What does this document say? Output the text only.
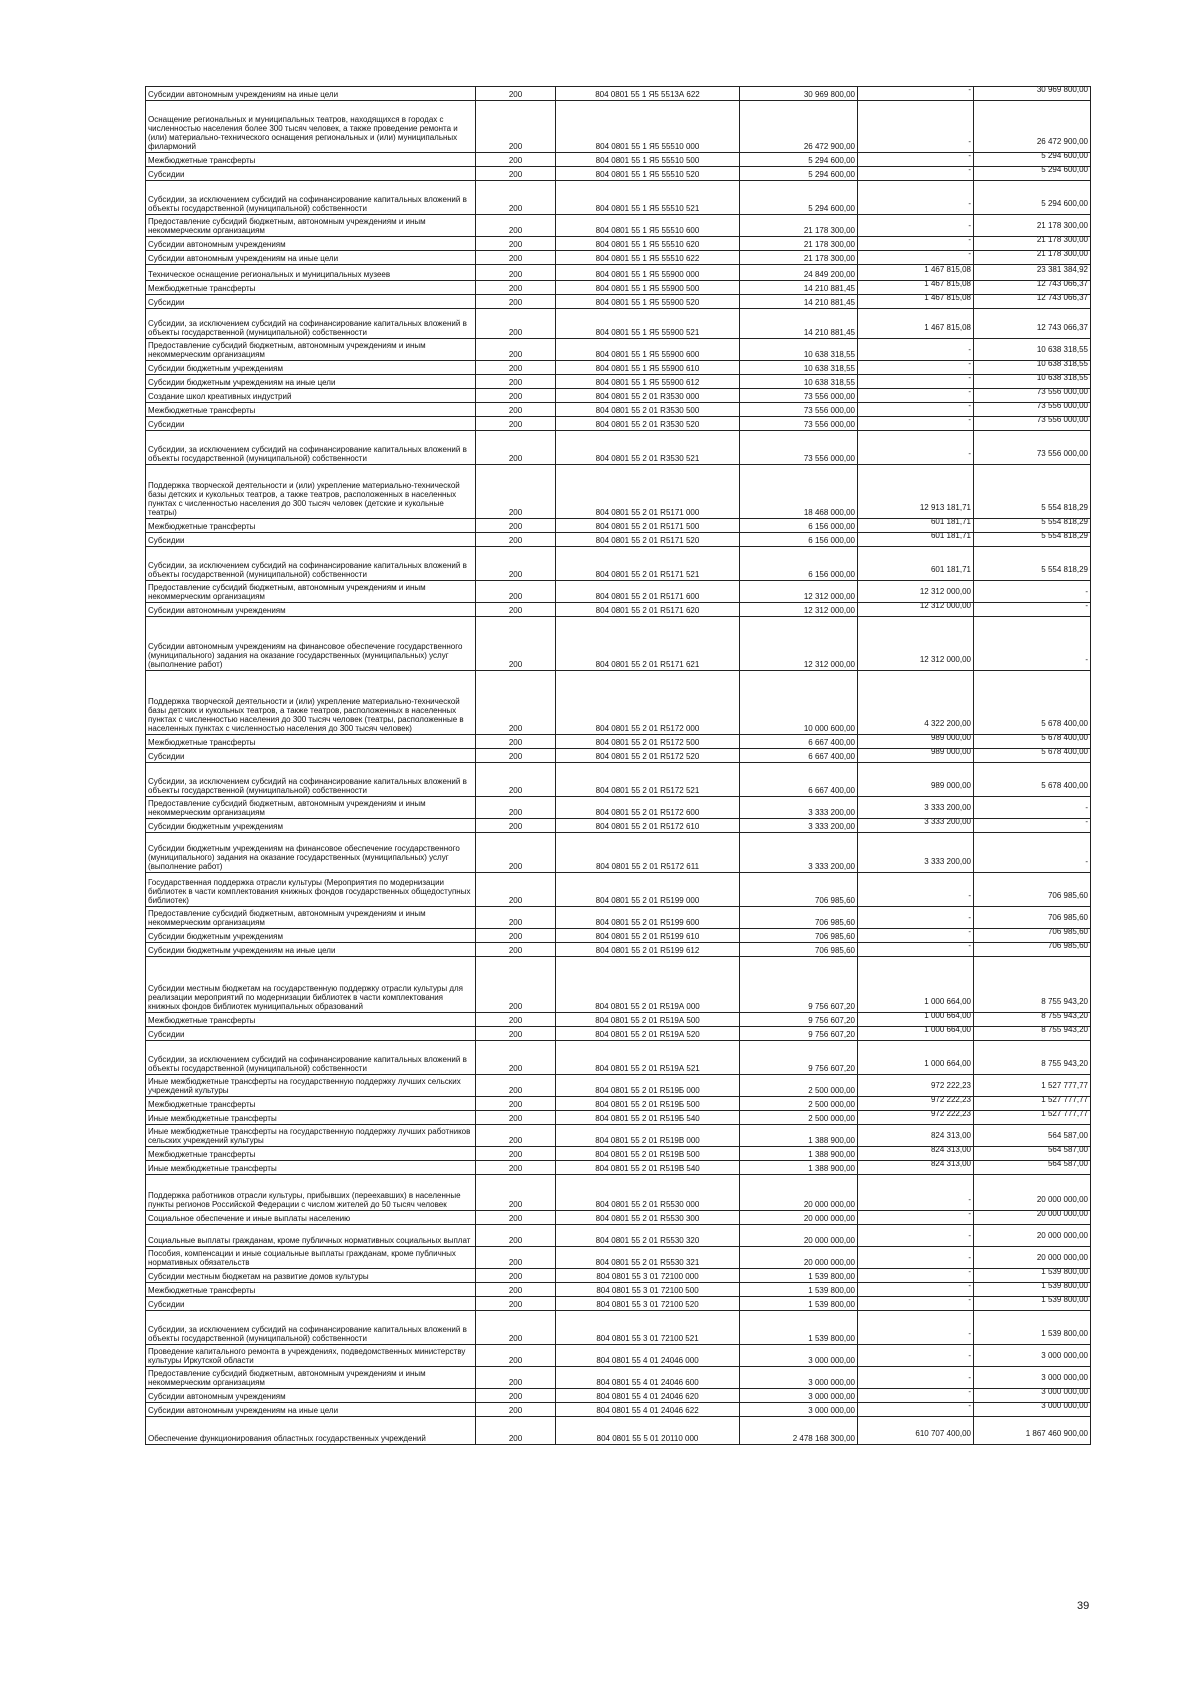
Субсидии автономным учреждениям на иные цели	200	804 0801 55 1 Я5 5513А 622	30 969 800,00	-	30 969 800,00
Оснащение региональных и муниципальных театров, находящихся в городах с численностью населения более 300 тысяч человек, а также проведение ремонта и (или) материально-технического оснащения региональных и (или) муниципальных филармоний	200	804 0801 55 1 Я5 55510 000	26 472 900,00	-	26 472 900,00
Межбюджетные трансферты	200	804 0801 55 1 Я5 55510 500	5 294 600,00	-	5 294 600,00
Субсидии	200	804 0801 55 1 Я5 55510 520	5 294 600,00	-	5 294 600,00
Субсидии, за исключением субсидий на софинансирование капитальных вложений в объекты государственной (муниципальной) собственности	200	804 0801 55 1 Я5 55510 521	5 294 600,00	-	5 294 600,00
Предоставление субсидий бюджетным, автономным учреждениям и иным некоммерческим организациям	200	804 0801 55 1 Я5 55510 600	21 178 300,00	-	21 178 300,00
Субсидии автономным учреждениям	200	804 0801 55 1 Я5 55510 620	21 178 300,00	-	21 178 300,00
Субсидии автономным учреждениям на иные цели	200	804 0801 55 1 Я5 55510 622	21 178 300,00	-	21 178 300,00
Техническое оснащение региональных и муниципальных музеев	200	804 0801 55 1 Я5 55900 000	24 849 200,00	1 467 815,08	23 381 384,92
Межбюджетные трансферты	200	804 0801 55 1 Я5 55900 500	14 210 881,45	1 467 815,08	12 743 066,37
Субсидии	200	804 0801 55 1 Я5 55900 520	14 210 881,45	1 467 815,08	12 743 066,37
Субсидии, за исключением субсидий на софинансирование капитальных вложений в объекты государственной (муниципальной) собственности	200	804 0801 55 1 Я5 55900 521	14 210 881,45	1 467 815,08	12 743 066,37
Предоставление субсидий бюджетным, автономным учреждениям и иным некоммерческим организациям	200	804 0801 55 1 Я5 55900 600	10 638 318,55	-	10 638 318,55
Субсидии бюджетным учреждениям	200	804 0801 55 1 Я5 55900 610	10 638 318,55	-	10 638 318,55
Субсидии бюджетным учреждениям на иные цели	200	804 0801 55 1 Я5 55900 612	10 638 318,55	-	10 638 318,55
Создание школ креативных индустрий	200	804 0801 55 2 01 R3530 000	73 556 000,00	-	73 556 000,00
Межбюджетные трансферты	200	804 0801 55 2 01 R3530 500	73 556 000,00	-	73 556 000,00
Субсидии	200	804 0801 55 2 01 R3530 520	73 556 000,00	-	73 556 000,00
Субсидии, за исключением субсидий на софинансирование капитальных вложений в объекты государственной (муниципальной) собственности	200	804 0801 55 2 01 R3530 521	73 556 000,00	-	73 556 000,00
Поддержка творческой деятельности и (или) укрепление материально-технической базы детских и кукольных театров, а также театров, расположенных в населенных пунктах с численностью населения до 300 тысяч человек (детские и кукольные театры)	200	804 0801 55 2 01 R5171 000	18 468 000,00	12 913 181,71	5 554 818,29
Межбюджетные трансферты	200	804 0801 55 2 01 R5171 500	6 156 000,00	601 181,71	5 554 818,29
Субсидии	200	804 0801 55 2 01 R5171 520	6 156 000,00	601 181,71	5 554 818,29
Субсидии, за исключением субсидий на софинансирование капитальных вложений в объекты государственной (муниципальной) собственности	200	804 0801 55 2 01 R5171 521	6 156 000,00	601 181,71	5 554 818,29
Предоставление субсидий бюджетным, автономным учреждениям и иным некоммерческим организациям	200	804 0801 55 2 01 R5171 600	12 312 000,00	12 312 000,00	-
Субсидии автономным учреждениям	200	804 0801 55 2 01 R5171 620	12 312 000,00	12 312 000,00	-
Субсидии автономным учреждениям на финансовое обеспечение государственного (муниципального) задания на оказание государственных (муниципальных) услуг (выполнение работ)	200	804 0801 55 2 01 R5171 621	12 312 000,00	12 312 000,00	-
Поддержка творческой деятельности и (или) укрепление материально-технической базы детских и кукольных театров, а также театров, расположенных в населенных пунктах с численностью населения до 300 тысяч человек (театры, расположенные в населенных пунктах с численностью населения до 300 тысяч человек)	200	804 0801 55 2 01 R5172 000	10 000 600,00	4 322 200,00	5 678 400,00
Межбюджетные трансферты	200	804 0801 55 2 01 R5172 500	6 667 400,00	989 000,00	5 678 400,00
Субсидии	200	804 0801 55 2 01 R5172 520	6 667 400,00	989 000,00	5 678 400,00
Субсидии, за исключением субсидий на софинансирование капитальных вложений в объекты государственной (муниципальной) собственности	200	804 0801 55 2 01 R5172 521	6 667 400,00	989 000,00	5 678 400,00
Предоставление субсидий бюджетным, автономным учреждениям и иным некоммерческим организациям	200	804 0801 55 2 01 R5172 600	3 333 200,00	3 333 200,00	-
Субсидии бюджетным учреждениям	200	804 0801 55 2 01 R5172 610	3 333 200,00	3 333 200,00	-
Субсидии бюджетным учреждениям на финансовое обеспечение государственного (муниципального) задания на оказание государственных (муниципальных) услуг (выполнение работ)	200	804 0801 55 2 01 R5172 611	3 333 200,00	3 333 200,00	-
Государственная поддержка отрасли культуры (Мероприятия по модернизации библиотек в части комплектования книжных фондов государственных общедоступных библиотек)	200	804 0801 55 2 01 R5199 000	706 985,60	-	706 985,60
Предоставление субсидий бюджетным, автономным учреждениям и иным некоммерческим организациям	200	804 0801 55 2 01 R5199 600	706 985,60	-	706 985,60
Субсидии бюджетным учреждениям	200	804 0801 55 2 01 R5199 610	706 985,60	-	706 985,60
Субсидии бюджетным учреждениям на иные цели	200	804 0801 55 2 01 R5199 612	706 985,60	-	706 985,60
Субсидии местным бюджетам на государственную поддержку отрасли культуры для реализации мероприятий по модернизации библиотек в части комплектования книжных фондов библиотек муниципальных образований	200	804 0801 55 2 01 R519А 000	9 756 607,20	1 000 664,00	8 755 943,20
Межбюджетные трансферты	200	804 0801 55 2 01 R519А 500	9 756 607,20	1 000 664,00	8 755 943,20
Субсидии	200	804 0801 55 2 01 R519А 520	9 756 607,20	1 000 664,00	8 755 943,20
Субсидии, за исключением субсидий на софинансирование капитальных вложений в объекты государственной (муниципальной) собственности	200	804 0801 55 2 01 R519А 521	9 756 607,20	1 000 664,00	8 755 943,20
Иные межбюджетные трансферты на государственную поддержку лучших сельских учреждений культуры	200	804 0801 55 2 01 R519Б 000	2 500 000,00	972 222,23	1 527 777,77
Межбюджетные трансферты	200	804 0801 55 2 01 R519Б 500	2 500 000,00	972 222,23	1 527 777,77
Иные межбюджетные трансферты	200	804 0801 55 2 01 R519Б 540	2 500 000,00	972 222,23	1 527 777,77
Иные межбюджетные трансферты на государственную поддержку лучших работников сельских учреждений культуры	200	804 0801 55 2 01 R519В 000	1 388 900,00	824 313,00	564 587,00
Межбюджетные трансферты	200	804 0801 55 2 01 R519В 500	1 388 900,00	824 313,00	564 587,00
Иные межбюджетные трансферты	200	804 0801 55 2 01 R519В 540	1 388 900,00	824 313,00	564 587,00
Поддержка работников отрасли культуры, прибывших (переехавших) в населенные пункты регионов Российской Федерации с числом жителей до 50 тысяч человек	200	804 0801 55 2 01 R5530 000	20 000 000,00	-	20 000 000,00
Социальное обеспечение и иные выплаты населению	200	804 0801 55 2 01 R5530 300	20 000 000,00	-	20 000 000,00
Социальные выплаты гражданам, кроме публичных нормативных социальных выплат	200	804 0801 55 2 01 R5530 320	20 000 000,00	-	20 000 000,00
Пособия, компенсации и иные социальные выплаты гражданам, кроме публичных нормативных обязательств	200	804 0801 55 2 01 R5530 321	20 000 000,00	-	20 000 000,00
Субсидии местным бюджетам на развитие домов культуры	200	804 0801 55 3 01 72100 000	1 539 800,00	-	1 539 800,00
Межбюджетные трансферты	200	804 0801 55 3 01 72100 500	1 539 800,00	-	1 539 800,00
Субсидии	200	804 0801 55 3 01 72100 520	1 539 800,00	-	1 539 800,00
Субсидии, за исключением субсидий на софинансирование капитальных вложений в объекты государственной (муниципальной) собственности	200	804 0801 55 3 01 72100 521	1 539 800,00	-	1 539 800,00
Проведение капитального ремонта в учреждениях, подведомственных министерству культуры Иркутской области	200	804 0801 55 4 01 24046 000	3 000 000,00	-	3 000 000,00
Предоставление субсидий бюджетным, автономным учреждениям и иным некоммерческим организациям	200	804 0801 55 4 01 24046 600	3 000 000,00	-	3 000 000,00
Субсидии автономным учреждениям	200	804 0801 55 4 01 24046 620	3 000 000,00	-	3 000 000,00
Субсидии автономным учреждениям на иные цели	200	804 0801 55 4 01 24046 622	3 000 000,00	-	3 000 000,00
Обеспечение функционирования областных государственных учреждений	200	804 0801 55 5 01 20110 000	2 478 168 300,00	610 707 400,00	1 867 460 900,00
39
